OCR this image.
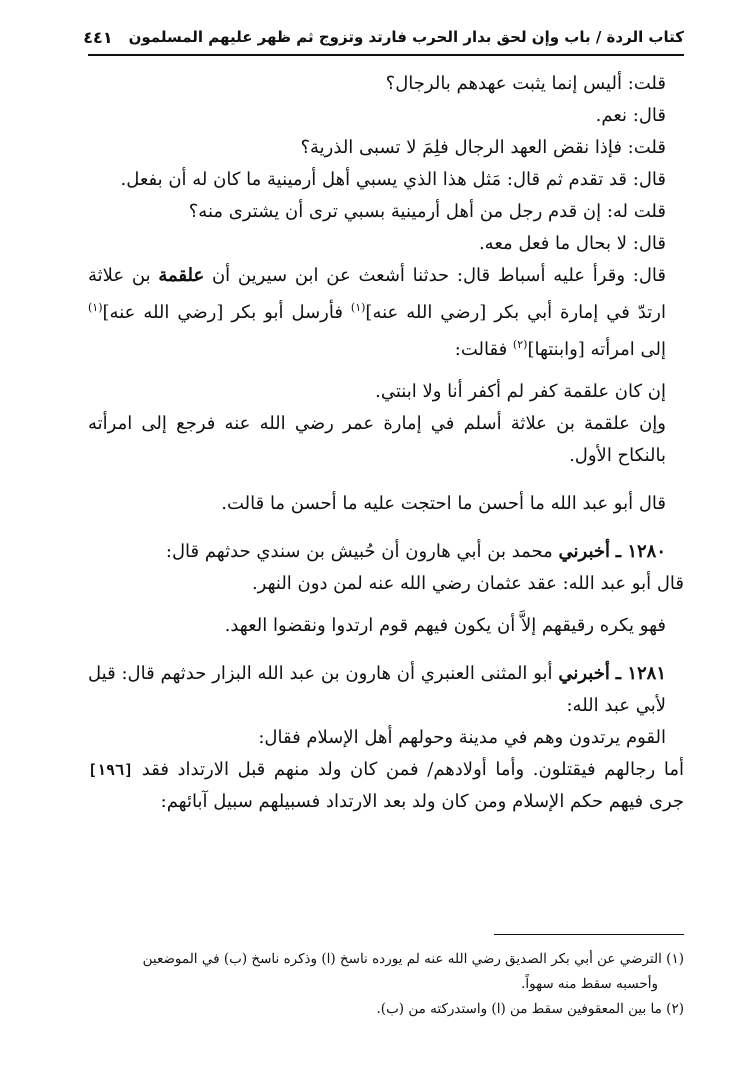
كتاب الردة / باب وإن لحق بدار الحرب فارتد وتزوج ثم ظهر عليهم المسلمون
٤٤١

قلت: أليس إنما يثبت عهدهم بالرجال؟

قال: نعم.

قلت: فإذا نقض العهد الرجال فلِمَ لا تسبى الذرية؟

قال: قد تقدم ثم قال: مَثل هذا الذي يسبي أهل أرمينية ما كان له أن بفعل.

قلت له: إن قدم رجل من أهل أرمينية بسبي ترى أن يشترى منه؟

قال: لا بحال ما فعل معه.

قال: وقرأ عليه أسباط قال: حدثنا أشعث عن ابن سيرين أن علقمة بن علاثة ارتدّ في إمارة أبي بكر [رضي الله عنه]$^{(١)}$ فأرسل أبو بكر [رضي الله عنه]$^{(١)}$ إلى امرأته [وابنتها]$^{(٢)}$ فقالت:

إن كان علقمة كفر لم أكفر أنا ولا ابنتي.

وإن علقمة بن علاثة أسلم في إمارة عمر رضي الله عنه فرجع إلى امرأته بالنكاح الأول.

قال أبو عبد الله ما أحسن ما احتجت عليه ما أحسن ما قالت.

١٢٨٠ ـ أخبرني محمد بن أبي هارون أن حُبيش بن سندي حدثهم قال:

قال أبو عبد الله: عقد عثمان رضي الله عنه لمن دون النهر.

فهو يكره رقيقهم إلاَّ أن يكون فيهم قوم ارتدوا ونقضوا العهد.

١٢٨١ ـ أخبرني أبو المثنى العنبري أن هارون بن عبد الله البزار حدثهم قال: قيل لأبي عبد الله:

القوم يرتدون وهم في مدينة وحولهم أهل الإسلام فقال:

أما رجالهم فيقتلون. وأما أولادهم/ فمن كان ولد منهم قبل الارتداد فقد [١٩٦] جرى فيهم حكم الإسلام ومن كان ولد بعد الارتداد فسبيلهم سبيل آبائهم:

(١) الترضي عن أبي بكر الصديق رضي الله عنه لم يورده ناسخ (ا) وذكره ناسخ (ب) في الموضعين

وأحسبه سقط منه سهواً.

(٢) ما بين المعقوفين سقط من (ا) واستدركته من (ب).
